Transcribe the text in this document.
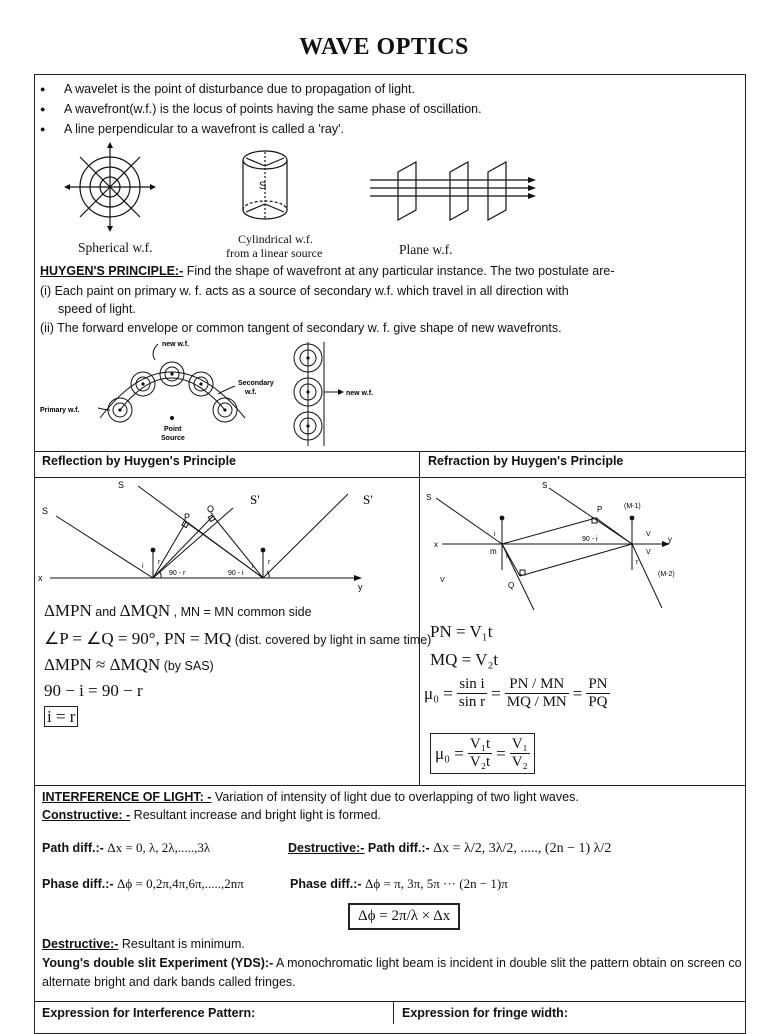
WAVE OPTICS
● A wavelet is the point of disturbance due to propagation of light.
● A wavefront(w.f.) is the locus of points having the same phase of oscillation.
● A line perpendicular to a wavefront is called a 'ray'.
Spherical w.f.
S
Cylindrical w.f.
from a linear source	Plane w.f.
HUYGEN'S PRINCIPLE:- Find the shape of wavefront at any particular instance. The two postulate are-
(i) Each paint on primary w. f. acts as a source of secondary w.f. which travel in all direction with
speed of light.
(ii) The forward envelope or common tangent of secondary w. f. give shape of new wavefronts.
new w.f.
Secondary
w.f.
Primary w.f.
Point
Source
new w.f.
Reflection by Huygen's Principle
S
S
S'	S'
P
Q
x
y
i
r
i
r
90 - r	90 - i
ΔMPN and ΔMQN , MN = MN common side
∠P = ∠Q = 90°, PN = MQ (dist. covered by light in same time)
ΔMPN ≈ ΔMQN (by SAS)
90 − i = 90 − r
i = r
Refraction by Huygen's Principle
S
S
P
Q
m
x
y
i
r
r
(M-1)
(M-2)
V
V
90 - i
V
PN = V₁t
MQ = V₂t
$\mu_0 = \frac{\text{sin i}}{\text{sin r}} = \frac{PN / MN}{MQ / MN} = \frac{PN}{PQ}$
$\mu_0 = \frac{\text{V₁t}}{\text{V₂t}} = \frac{\text{V₁}}{\text{V₂}}$
INTERFERENCE OF LIGHT: - Variation of intensity of light due to overlapping of two light waves.
Constructive: - Resultant increase and bright light is formed.
Path diff.:- Δx = 0, λ, 2λ,.....,3λ	Destructive:- Path diff.:- Δx = λ/2, 3λ/2, ....., (2n − 1) λ/2
Phase diff.:- Δϕ = 0,2π,4π,6π,.....,2nπ	Phase diff.:- Δϕ = π, 3π, 5π ··· (2n − 1)π
Δϕ = 2π/λ × Δx
Destructive:- Resultant is minimum.
Young's double slit Experiment (YDS):- A monochromatic light beam is incident in double slit the pattern obtain on screen co
alternate bright and dark bands called fringes.
Expression for Interference Pattern:	Expression for fringe width:
